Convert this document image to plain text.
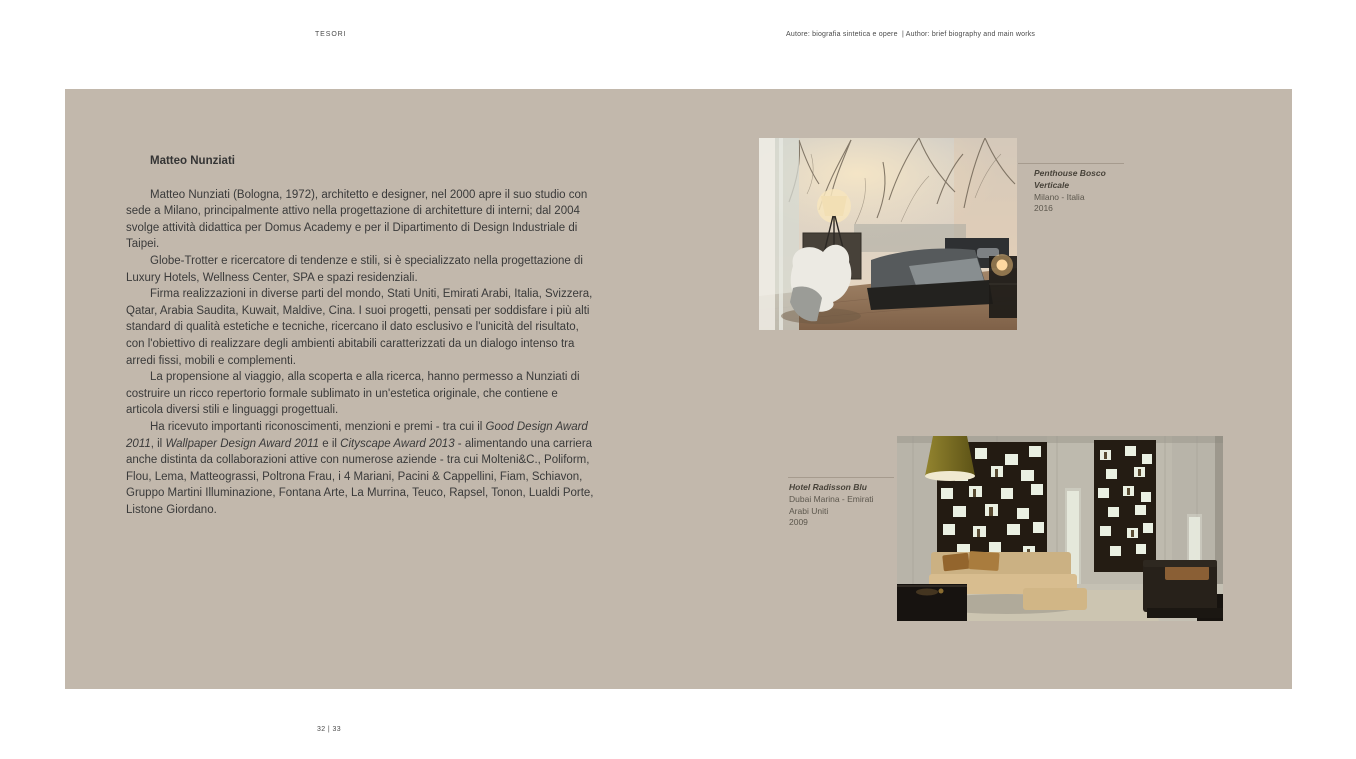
TESORI	Autore: biografia sintetica e opere  | Author: brief biography and main works
Matteo Nunziati

Matteo Nunziati (Bologna, 1972), architetto e designer, nel 2000 apre il suo studio con sede a Milano, principalmente attivo nella progettazione di architetture di interni; dal 2004 svolge attività didattica per Domus Academy e per il Dipartimento di Design Industriale di Taipei.

Globe-Trotter e ricercatore di tendenze e stili, si è specializzato nella progettazione di Luxury Hotels, Wellness Center, SPA e spazi residenziali.

Firma realizzazioni in diverse parti del mondo, Stati Uniti, Emirati Arabi, Italia, Svizzera, Qatar, Arabia Saudita, Kuwait, Maldive, Cina. I suoi progetti, pensati per soddisfare i più alti standard di qualità estetiche e tecniche, ricercano il dato esclusivo e l'unicità del risultato, con l'obiettivo di realizzare degli ambienti abitabili caratterizzati da un dialogo intenso tra arredi fissi, mobili e complementi.

La propensione al viaggio, alla scoperta e alla ricerca, hanno permesso a Nunziati di costruire un ricco repertorio formale sublimato in un'estetica originale, che contiene e articola diversi stili e linguaggi progettuali.

Ha ricevuto importanti riconoscimenti, menzioni e premi - tra cui il Good Design Award 2011, il Wallpaper Design Award 2011 e il Cityscape Award 2013 - alimentando una carriera anche distinta da collaborazioni attive con numerose aziende - tra cui Molteni&C., Poliform, Flou, Lema, Matteograssi, Poltrona Frau, i 4 Mariani, Pacini & Cappellini, Fiam, Schiavon, Gruppo Martini Illuminazione, Fontana Arte, La Murrina, Teuco, Rapsel, Tonon, Lualdi Porte, Listone Giordano.

Penthouse Bosco Verticale
Milano - Italia
2016
Hotel Radisson Blu
Dubai Marina - Emirati Arabi Uniti
2009
32 | 33
